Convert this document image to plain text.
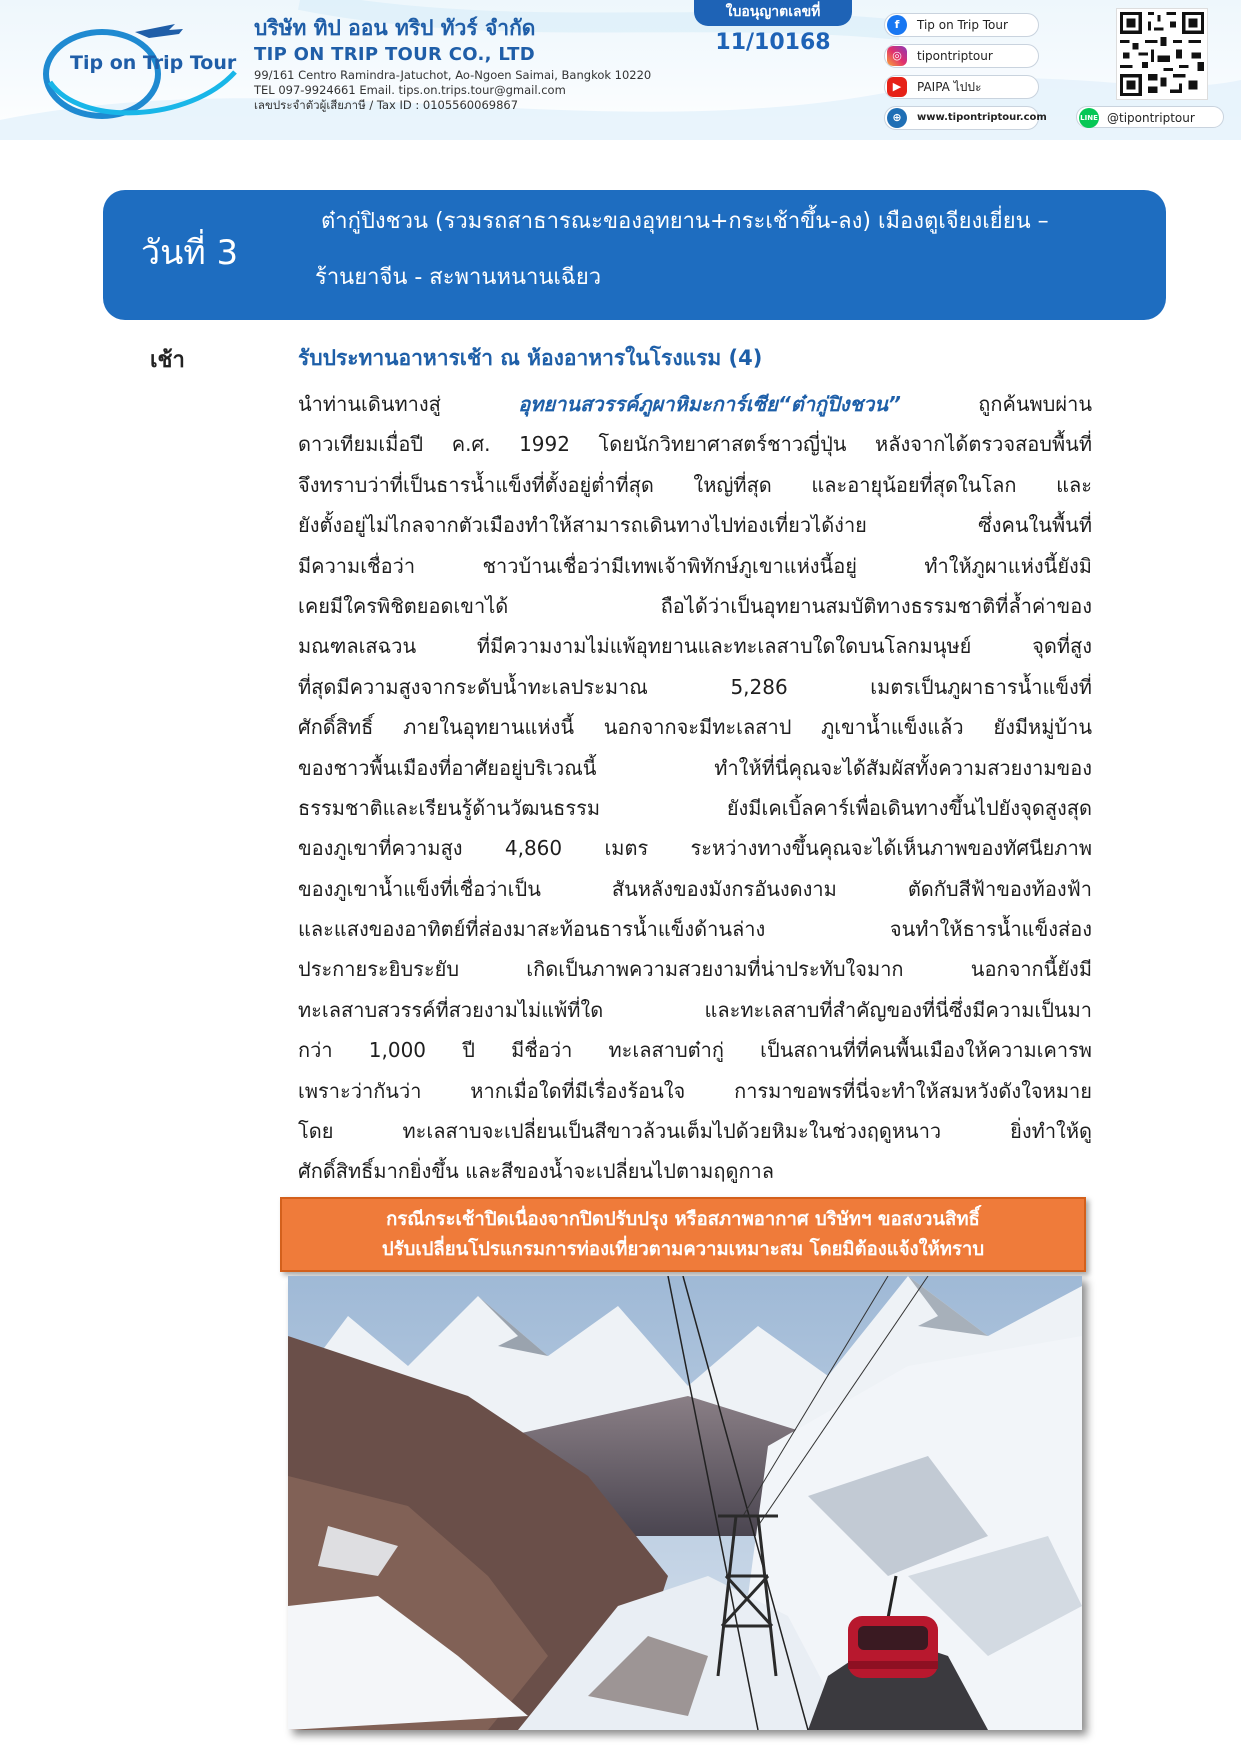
Tip on Trip Tour
บริษัท ทิป ออน ทริป ทัวร์ จำกัด
TIP ON TRIP TOUR CO., LTD
99/161 Centro Ramindra-Jatuchot, Ao-Ngoen Saimai, Bangkok 10220
TEL 097-9924661 Email. tips.on.trips.tour@gmail.com
เลขประจำตัวผู้เสียภาษี / Tax ID : 0105560069867
ใบอนุญาตเลขที่
11/10168
f	Tip on Trip Tour
◎	tipontriptour
▶	PAIPA ไปปะ
⊕	www.tipontriptour.com	LINE @tipontriptour
วันที่ 3
ต๋ากู่ปิงชวน (รวมรถสาธารณะของอุทยาน+กระเช้าขึ้น-ลง) เมืองตูเจียงเยี่ยน –
ร้านยาจีน - สะพานหนานเฉียว
เช้า	รับประทานอาหารเช้า ณ ห้องอาหารในโรงแรม (4)
นำท่านเดินทางสู่ อุทยานสวรรค์ภูผาหิมะการ์เซีย“ต๋ากู่ปิงชวน” ถูกค้นพบผ่าน
ดาวเทียมเมื่อปี ค.ศ. 1992 โดยนักวิทยาศาสตร์ชาวญี่ปุ่น หลังจากได้ตรวจสอบพื้นที่
จึงทราบว่าที่เป็นธารน้ำแข็งที่ตั้งอยู่ต่ำที่สุด ใหญ่ที่สุด และอายุน้อยที่สุดในโลก และ
ยังตั้งอยู่ไม่ไกลจากตัวเมืองทำให้สามารถเดินทางไปท่องเที่ยวได้ง่าย ซึ่งคนในพื้นที่
มีความเชื่อว่า ชาวบ้านเชื่อว่ามีเทพเจ้าพิทักษ์ภูเขาแห่งนี้อยู่ ทำให้ภูผาแห่งนี้ยังมิ
เคยมีใครพิชิตยอดเขาได้ ถือได้ว่าเป็นอุทยานสมบัติทางธรรมชาติที่ล้ำค่าของ
มณฑลเสฉวน ที่มีความงามไม่แพ้อุทยานและทะเลสาบใดใดบนโลกมนุษย์ จุดที่สูง
ที่สุดมีความสูงจากระดับน้ำทะเลประมาณ 5,286 เมตรเป็นภูผาธารน้ำแข็งที่
ศักดิ์สิทธิ์ ภายในอุทยานแห่งนี้ นอกจากจะมีทะเลสาป ภูเขาน้ำแข็งแล้ว ยังมีหมู่บ้าน
ของชาวพื้นเมืองที่อาศัยอยู่บริเวณนี้ ทำให้ที่นี่คุณจะได้สัมผัสทั้งความสวยงามของ
ธรรมชาติและเรียนรู้ด้านวัฒนธรรม ยังมีเคเบิ้ลคาร์เพื่อเดินทางขึ้นไปยังจุดสูงสุด
ของภูเขาที่ความสูง 4,860 เมตร ระหว่างทางขึ้นคุณจะได้เห็นภาพของทัศนียภาพ
ของภูเขาน้ำแข็งที่เชื่อว่าเป็น สันหลังของมังกรอันงดงาม ตัดกับสีฟ้าของท้องฟ้า
และแสงของอาทิตย์ที่ส่องมาสะท้อนธารน้ำแข็งด้านล่าง จนทำให้ธารน้ำแข็งส่อง
ประกายระยิบระยับ เกิดเป็นภาพความสวยงามที่น่าประทับใจมาก นอกจากนี้ยังมี
ทะเลสาบสวรรค์ที่สวยงามไม่แพ้ที่ใด และทะเลสาบที่สำคัญของที่นี่ซึ่งมีความเป็นมา
กว่า 1,000 ปี มีชื่อว่า ทะเลสาบต๋ากู่ เป็นสถานที่ที่คนพื้นเมืองให้ความเคารพ
เพราะว่ากันว่า หากเมื่อใดที่มีเรื่องร้อนใจ การมาขอพรที่นี่จะทำให้สมหวังดังใจหมาย
โดย ทะเลสาบจะเปลี่ยนเป็นสีขาวล้วนเต็มไปด้วยหิมะในช่วงฤดูหนาว ยิ่งทำให้ดู
ศักดิ์สิทธิ์มากยิ่งขึ้น และสีของน้ำจะเปลี่ยนไปตามฤดูกาล
กรณีกระเช้าปิดเนื่องจากปิดปรับปรุง หรือสภาพอากาศ บริษัทฯ ขอสงวนสิทธิ์
ปรับเปลี่ยนโปรแกรมการท่องเที่ยวตามความเหมาะสม โดยมิต้องแจ้งให้ทราบ
